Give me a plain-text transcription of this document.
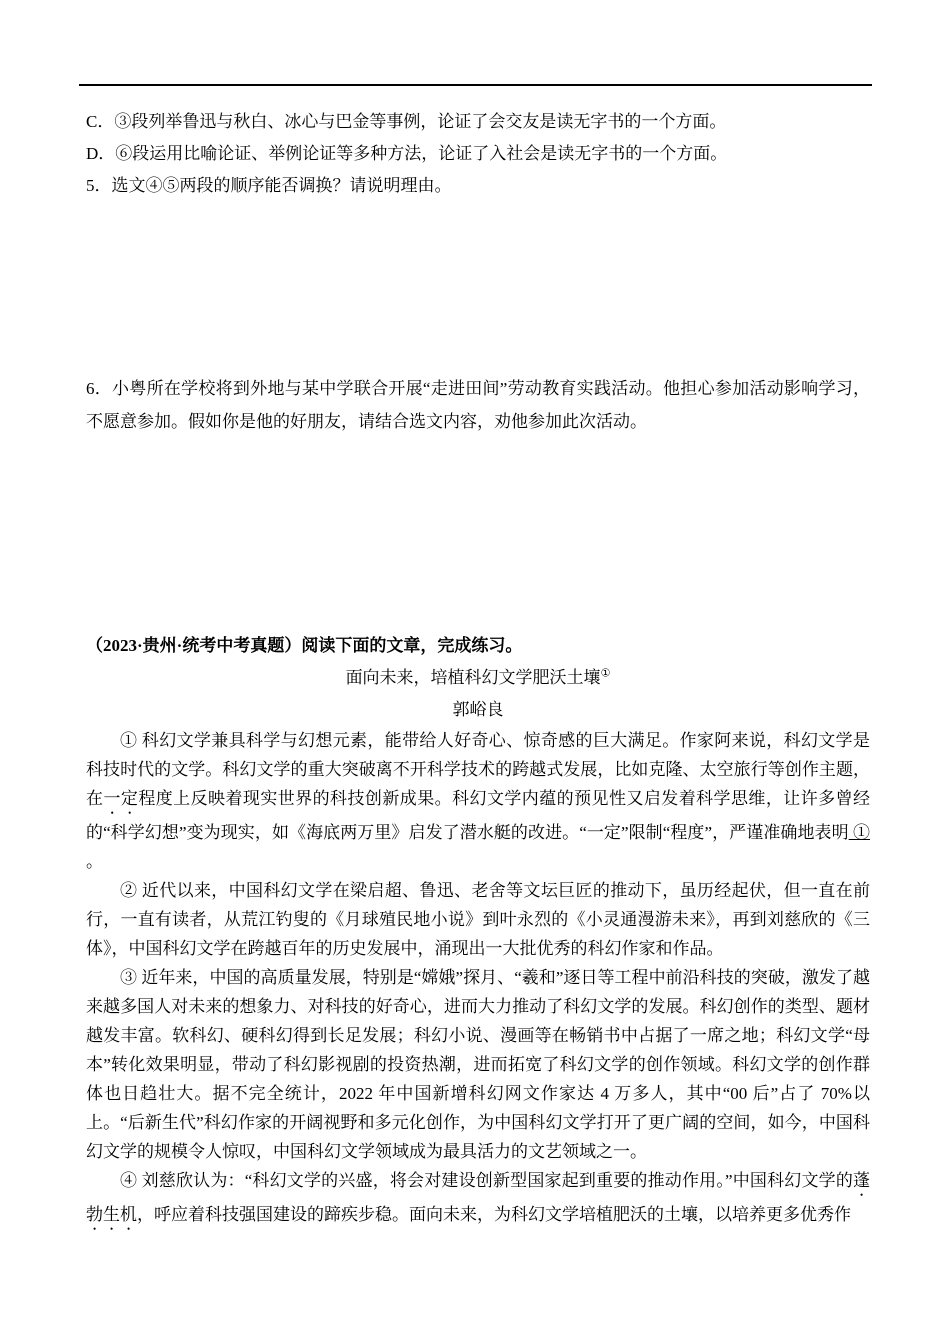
C．③段列举鲁迅与秋白、冰心与巴金等事例，论证了会交友是读无字书的一个方面。

D．⑥段运用比喻论证、举例论证等多种方法，论证了入社会是读无字书的一个方面。

5．选文④⑤两段的顺序能否调换？请说明理由。

6．小粤所在学校将到外地与某中学联合开展“走进田间”劳动教育实践活动。他担心参加活动影响学习，不愿意参加。假如你是他的好朋友，请结合选文内容，劝他参加此次活动。

（2023·贵州·统考中考真题）阅读下面的文章，完成练习。

面向未来，培植科幻文学肥沃土壤①

郭峪良

① 科幻文学兼具科学与幻想元素，能带给人好奇心、惊奇感的巨大满足。作家阿来说，科幻文学是科技时代的文学。科幻文学的重大突破离不开科学技术的跨越式发展，比如克隆、太空旅行等创作主题，在一定程度上反映着现实世界的科技创新成果。科幻文学内蕴的预见性又启发着科学思维，让许多曾经的“科学幻想”变为现实，如《海底两万里》启发了潜水艇的改进。“一定”限制“程度”，严谨准确地表明 ① 。

② 近代以来，中国科幻文学在梁启超、鲁迅、老舍等文坛巨匠的推动下，虽历经起伏，但一直在前行，一直有读者，从荒江钓叟的《月球殖民地小说》到叶永烈的《小灵通漫游未来》，再到刘慈欣的《三体》，中国科幻文学在跨越百年的历史发展中，涌现出一大批优秀的科幻作家和作品。

③ 近年来，中国的高质量发展，特别是“嫦娥”探月、“羲和”逐日等工程中前沿科技的突破，激发了越来越多国人对未来的想象力、对科技的好奇心，进而大力推动了科幻文学的发展。科幻创作的类型、题材越发丰富。软科幻、硬科幻得到长足发展；科幻小说、漫画等在畅销书中占据了一席之地；科幻文学“母本”转化效果明显，带动了科幻影视剧的投资热潮，进而拓宽了科幻文学的创作领域。科幻文学的创作群体也日趋壮大。据不完全统计，2022 年中国新增科幻网文作家达 4 万多人，其中“00 后”占了 70%以上。“后新生代”科幻作家的开阔视野和多元化创作，为中国科幻文学打开了更广阔的空间，如今，中国科幻文学的规模令人惊叹，中国科幻文学领域成为最具活力的文艺领域之一。

④ 刘慈欣认为：“科幻文学的兴盛，将会对建设创新型国家起到重要的推动作用。”中国科幻文学的蓬勃生机，呼应着科技强国建设的蹄疾步稳。面向未来，为科幻文学培植肥沃的土壤，以培养更多优秀作
